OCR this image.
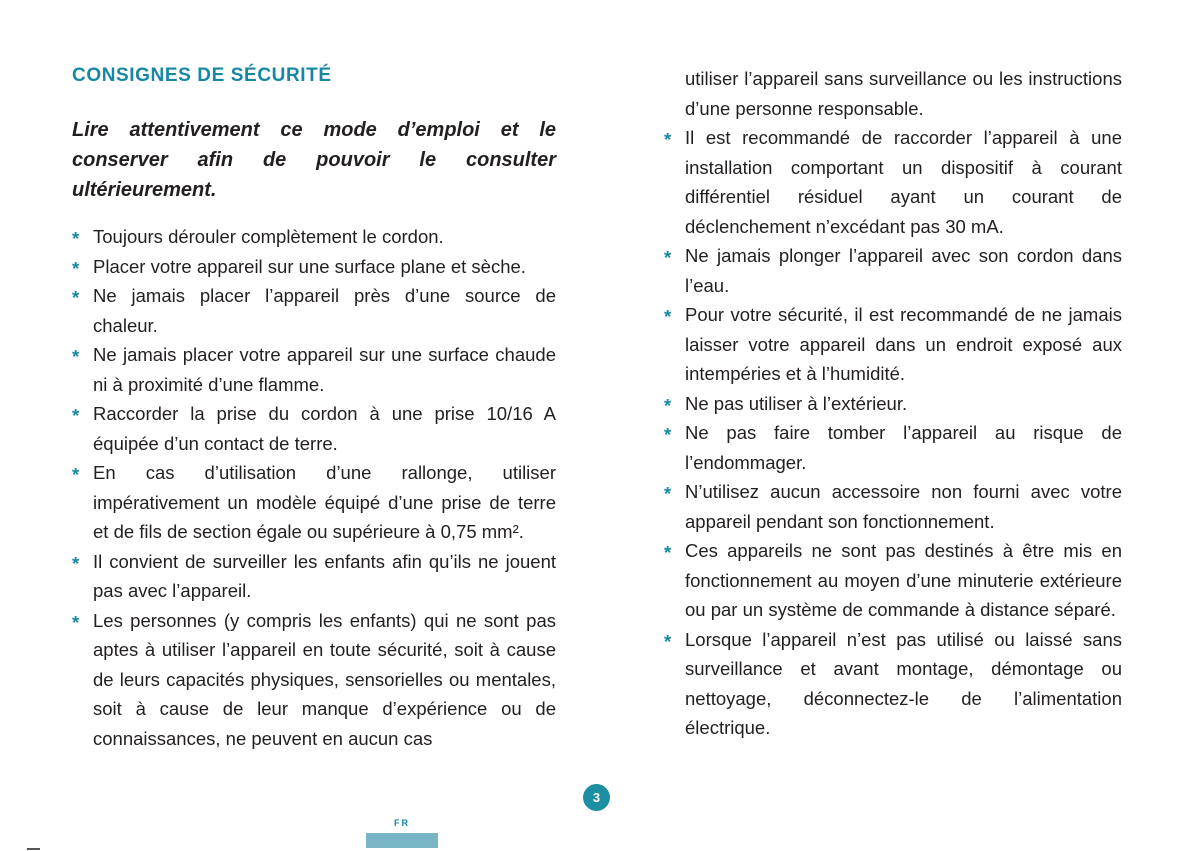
CONSIGNES DE SÉCURITÉ

Lire attentivement ce mode d’emploi et le conserver afin de pouvoir le consulter ultérieurement.

* Toujours dérouler complètement le cordon.
* Placer votre appareil sur une surface plane et sèche.
* Ne jamais placer l’appareil près d’une source de chaleur.
* Ne jamais placer votre appareil sur une surface chaude ni à proximité d’une flamme.
* Raccorder la prise du cordon à une prise 10/16 A équipée d’un contact de terre.
* En cas d’utilisation d’une rallonge, utiliser impérativement un modèle équipé d’une prise de terre et de fils de section égale ou supérieure à 0,75 mm².
* Il convient de surveiller les enfants afin qu’ils ne jouent pas avec l’appareil.
* Les personnes (y compris les enfants) qui ne sont pas aptes à utiliser l’appareil en toute sécurité, soit à cause de leurs capacités physiques, sensorielles ou mentales, soit à cause de leur manque d’expérience ou de connaissances, ne peuvent en aucun cas

utiliser l’appareil sans surveillance ou les instructions d’une personne responsable.

* Il est recommandé de raccorder l’appareil à une installation comportant un dispositif à courant différentiel résiduel ayant un courant de déclenchement n’excédant pas 30 mA.
* Ne jamais plonger l’appareil avec son cordon dans l’eau.
* Pour votre sécurité, il est recommandé de ne jamais laisser votre appareil dans un endroit exposé aux intempéries et à l’humidité.
* Ne pas utiliser à l’extérieur.
* Ne pas faire tomber l’appareil au risque de l’endommager.
* N’utilisez aucun accessoire non fourni avec votre appareil pendant son fonctionnement.
* Ces appareils ne sont pas destinés à être mis en fonctionnement au moyen d’une minuterie extérieure ou par un système de commande à distance séparé.
* Lorsque l’appareil n’est pas utilisé ou laissé sans surveillance et avant montage, démontage ou nettoyage, déconnectez-le de l’alimentation électrique.
3
FR
